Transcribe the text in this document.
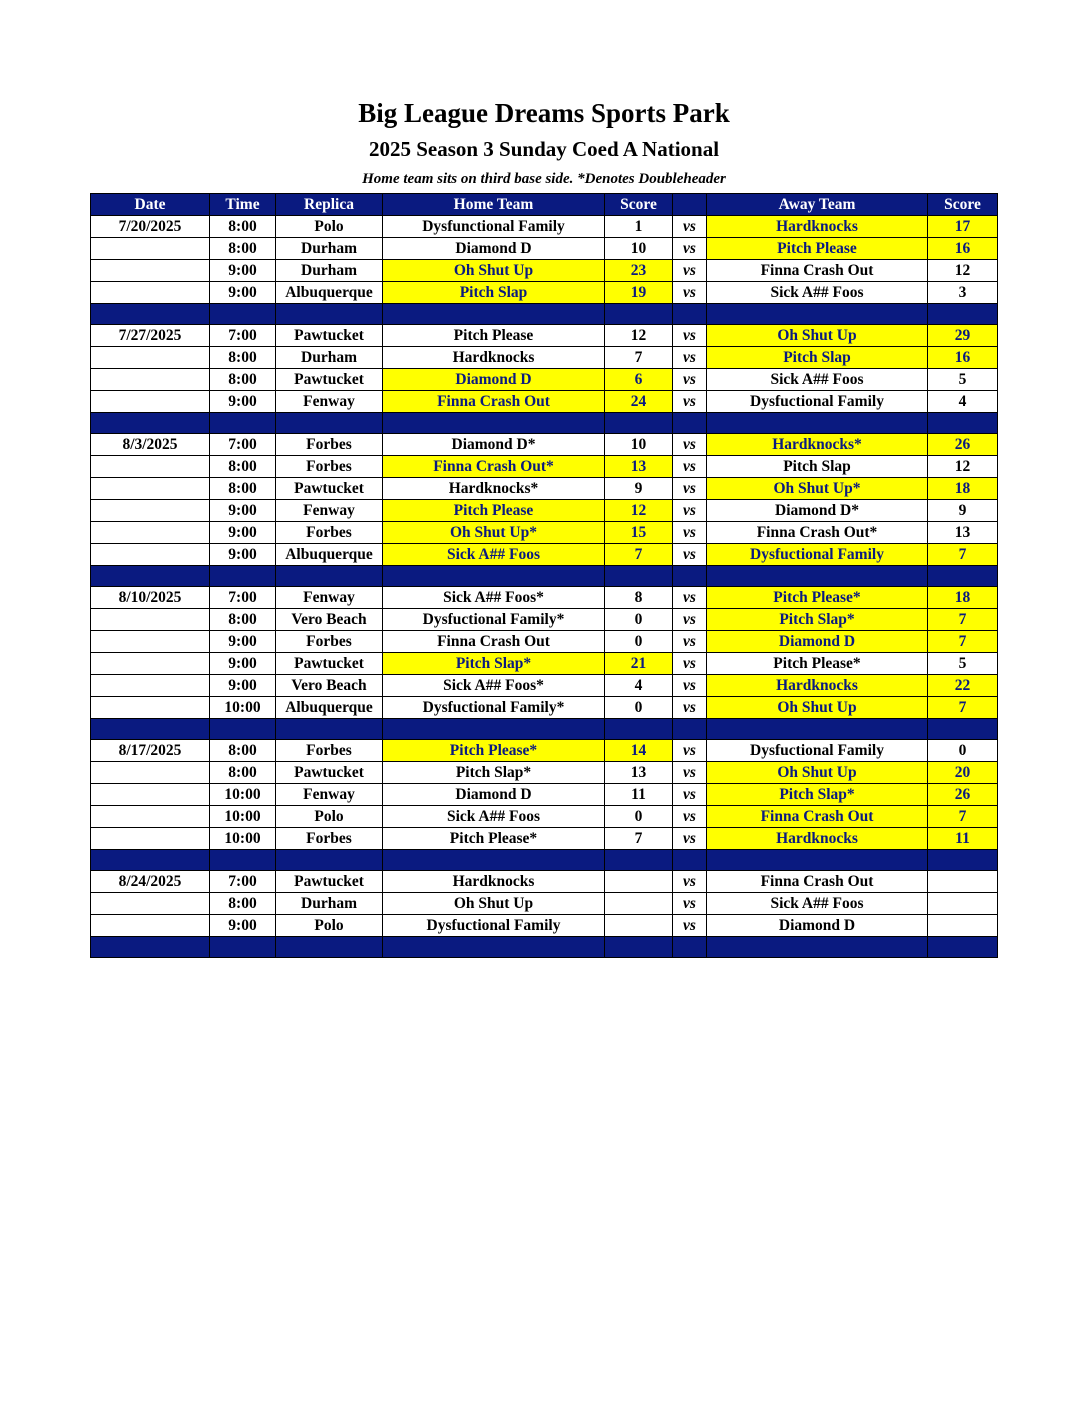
Big League Dreams Sports Park
2025 Season 3 Sunday Coed A National
Home team sits on third base side. *Denotes Doubleheader
Date	Time	Replica	Home Team	Score		Away Team	Score
7/20/2025	8:00	Polo	Dysfunctional Family	1	vs	Hardknocks	17
	8:00	Durham	Diamond D	10	vs	Pitch Please	16
	9:00	Durham	Oh Shut Up	23	vs	Finna Crash Out	12
	9:00	Albuquerque	Pitch Slap	19	vs	Sick A## Foos	3

7/27/2025	7:00	Pawtucket	Pitch Please	12	vs	Oh Shut Up	29
	8:00	Durham	Hardknocks	7	vs	Pitch Slap	16
	8:00	Pawtucket	Diamond D	6	vs	Sick A## Foos	5
	9:00	Fenway	Finna Crash Out	24	vs	Dysfuctional Family	4

8/3/2025	7:00	Forbes	Diamond D*	10	vs	Hardknocks*	26
	8:00	Forbes	Finna Crash Out*	13	vs	Pitch Slap	12
	8:00	Pawtucket	Hardknocks*	9	vs	Oh Shut Up*	18
	9:00	Fenway	Pitch Please	12	vs	Diamond D*	9
	9:00	Forbes	Oh Shut Up*	15	vs	Finna Crash Out*	13
	9:00	Albuquerque	Sick A## Foos	7	vs	Dysfuctional Family	7

8/10/2025	7:00	Fenway	Sick A## Foos*	8	vs	Pitch Please*	18
	8:00	Vero Beach	Dysfuctional Family*	0	vs	Pitch Slap*	7
	9:00	Forbes	Finna Crash Out	0	vs	Diamond D	7
	9:00	Pawtucket	Pitch Slap*	21	vs	Pitch Please*	5
	9:00	Vero Beach	Sick A## Foos*	4	vs	Hardknocks	22
	10:00	Albuquerque	Dysfuctional Family*	0	vs	Oh Shut Up	7

8/17/2025	8:00	Forbes	Pitch Please*	14	vs	Dysfuctional Family	0
	8:00	Pawtucket	Pitch Slap*	13	vs	Oh Shut Up	20
	10:00	Fenway	Diamond D	11	vs	Pitch Slap*	26
	10:00	Polo	Sick A## Foos	0	vs	Finna Crash Out	7
	10:00	Forbes	Pitch Please*	7	vs	Hardknocks	11

8/24/2025	7:00	Pawtucket	Hardknocks		vs	Finna Crash Out	
	8:00	Durham	Oh Shut Up		vs	Sick A## Foos	
	9:00	Polo	Dysfuctional Family		vs	Diamond D	
